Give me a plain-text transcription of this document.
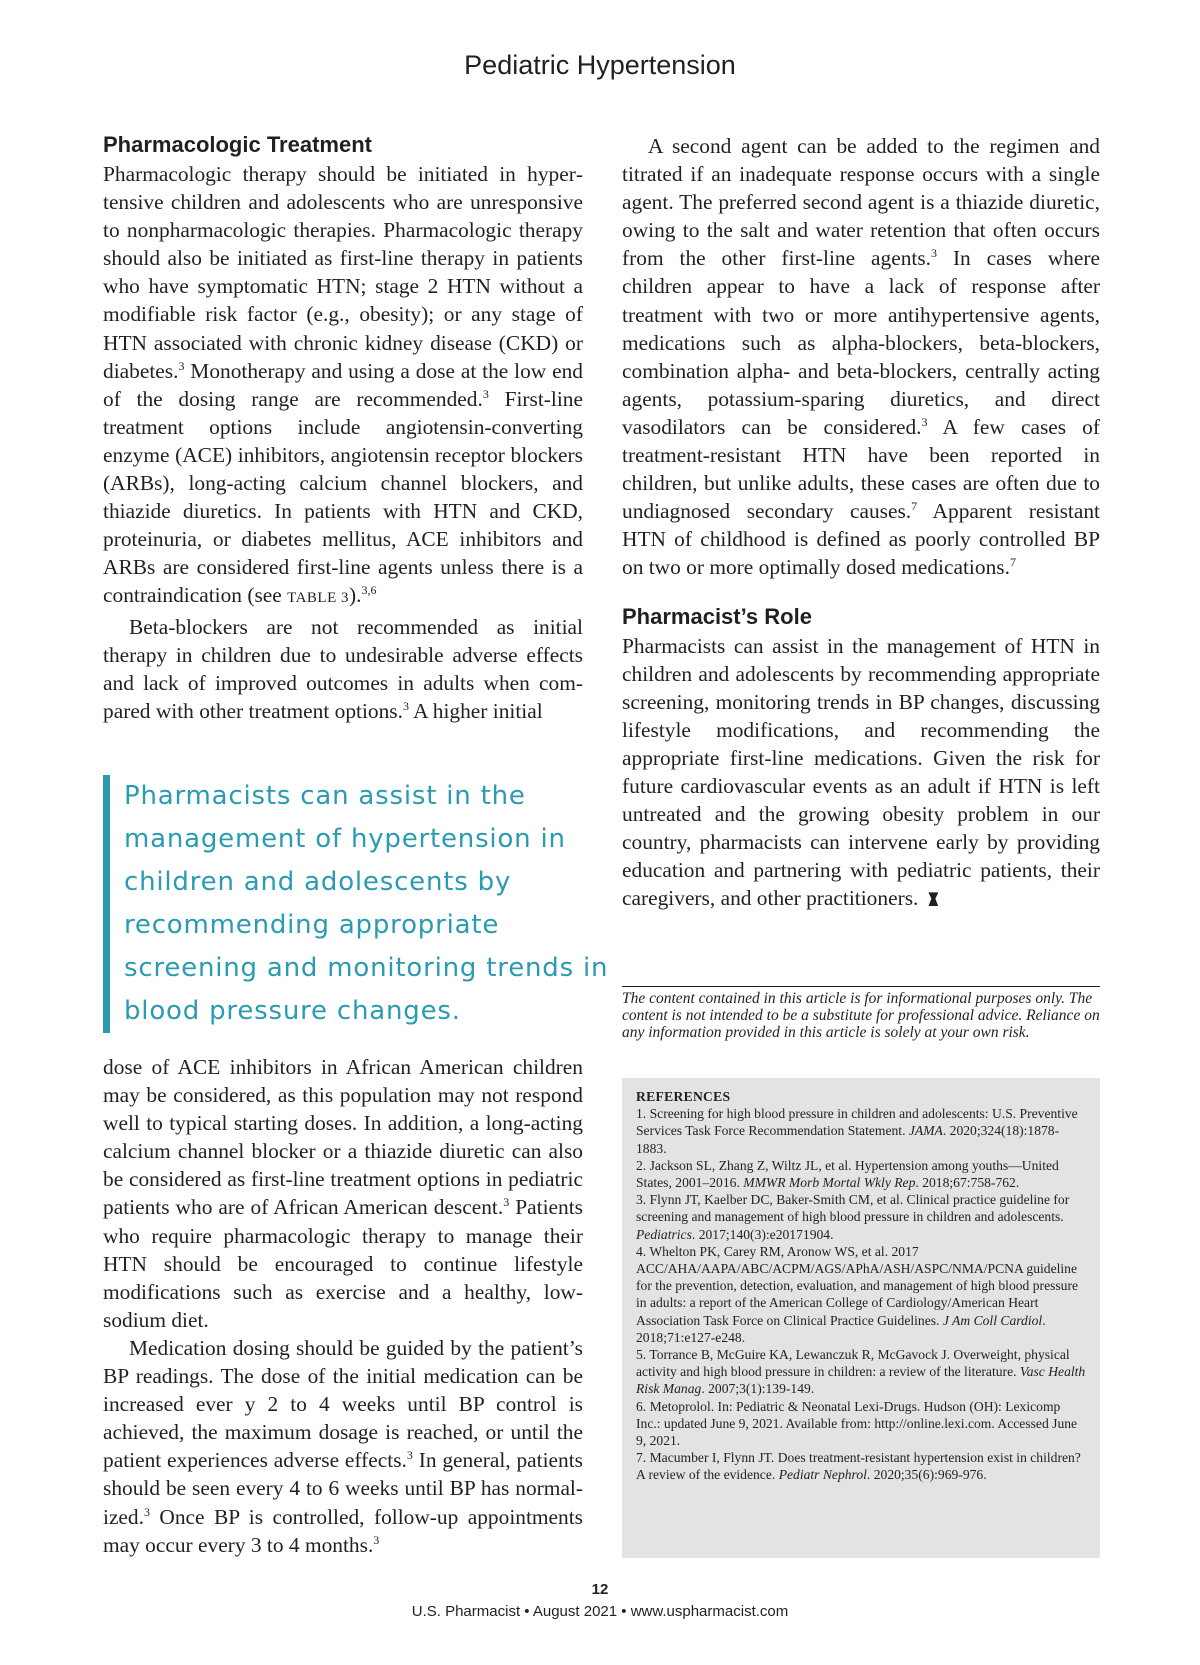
Pediatric Hypertension
Pharmacologic Treatment

Pharmacologic therapy should be initiated in hypertensive children and adolescents who are unresponsive to nonpharmacologic therapies. Pharmacologic therapy should also be initiated as first-line therapy in patients who have symptomatic HTN; stage 2 HTN without a modifiable risk factor (e.g., obesity); or any stage of HTN associated with chronic kidney disease (CKD) or diabetes.$^3$ Monotherapy and using a dose at the low end of the dosing range are recommended.$^3$ First-line treatment options include angiotensin-converting enzyme (ACE) inhibitors, angiotensin receptor blockers (ARBs), long-acting calcium channel blockers, and thiazide diuretics. In patients with HTN and CKD, proteinuria, or diabetes mellitus, ACE inhibitors and ARBs are considered first-line agents unless there is a contraindication (see TABLE 3).$^{3,6}$

Beta-blockers are not recommended as initial therapy in children due to undesirable adverse effects and lack of improved outcomes in adults when compared with other treatment options.$^3$ A higher initial

Pharmacists can assist in the
management of hypertension in
children and adolescents by
recommending appropriate
screening and monitoring trends in
blood pressure changes.

dose of ACE inhibitors in African American children may be considered, as this population may not respond well to typical starting doses. In addition, a long-acting calcium channel blocker or a thiazide diuretic can also be considered as first-line treatment options in pediatric patients who are of African American descent.$^3$ Patients who require pharmacologic therapy to manage their HTN should be encouraged to continue lifestyle modifications such as exercise and a healthy, low-sodium diet.

Medication dosing should be guided by the patient’s BP readings. The dose of the initial medication can be increased ever y 2 to 4 weeks until BP control is achieved, the maximum dosage is reached, or until the patient experiences adverse effects.$^3$ In general, patients should be seen every 4 to 6 weeks until BP has normalized.$^3$ Once BP is controlled, follow-up appointments may occur every 3 to 4 months.$^3$

A second agent can be added to the regimen and titrated if an inadequate response occurs with a single agent. The preferred second agent is a thiazide diuretic, owing to the salt and water retention that often occurs from the other first-line agents.$^3$ In cases where children appear to have a lack of response after treatment with two or more antihypertensive agents, medications such as alpha-blockers, beta-blockers, combination alpha- and beta-blockers, centrally acting agents, potassium-sparing diuretics, and direct vasodilators can be considered.$^3$ A few cases of treatment-resistant HTN have been reported in children, but unlike adults, these cases are often due to undiagnosed secondary causes.$^7$ Apparent resistant HTN of childhood is defined as poorly controlled BP on two or more optimally dosed medications.$^7$

Pharmacist’s Role

Pharmacists can assist in the management of HTN in children and adolescents by recommending appropriate screening, monitoring trends in BP changes, discussing lifestyle modifications, and recommending the appropriate first-line medications. Given the risk for future cardiovascular events as an adult if HTN is left untreated and the growing obesity problem in our country, pharmacists can intervene early by providing education and partnering with pediatric patients, their caregivers, and other practitioners.

The content contained in this article is for informational purposes only. The content is not intended to be a substitute for professional advice. Reliance on any information provided in this article is solely at your own risk.
REFERENCES

1. Screening for high blood pressure in children and adolescents: U.S. Preventive Services Task Force Recommendation Statement. JAMA. 2020;324(18):1878-1883.

2. Jackson SL, Zhang Z, Wiltz JL, et al. Hypertension among youths—United States, 2001–2016. MMWR Morb Mortal Wkly Rep. 2018;67:758-762.

3. Flynn JT, Kaelber DC, Baker-Smith CM, et al. Clinical practice guideline for screening and management of high blood pressure in children and adolescents. Pediatrics. 2017;140(3):e20171904.

4. Whelton PK, Carey RM, Aronow WS, et al. 2017 ACC/AHA/AAPA/ABC/ACPM/AGS/APhA/ASH/ASPC/NMA/PCNA guideline for the prevention, detection, evaluation, and management of high blood pressure in adults: a report of the American College of Cardiology/American Heart Association Task Force on Clinical Practice Guidelines. J Am Coll Cardiol. 2018;71:e127-e248.

5. Torrance B, McGuire KA, Lewanczuk R, McGavock J. Overweight, physical activity and high blood pressure in children: a review of the literature. Vasc Health Risk Manag. 2007;3(1):139-149.

6. Metoprolol. In: Pediatric & Neonatal Lexi-Drugs. Hudson (OH): Lexicomp Inc.: updated June 9, 2021. Available from: http://online.lexi.com. Accessed June 9, 2021.

7. Macumber I, Flynn JT. Does treatment-resistant hypertension exist in children? A review of the evidence. Pediatr Nephrol. 2020;35(6):969-976.

12
U.S. Pharmacist • August 2021 • www.uspharmacist.com
